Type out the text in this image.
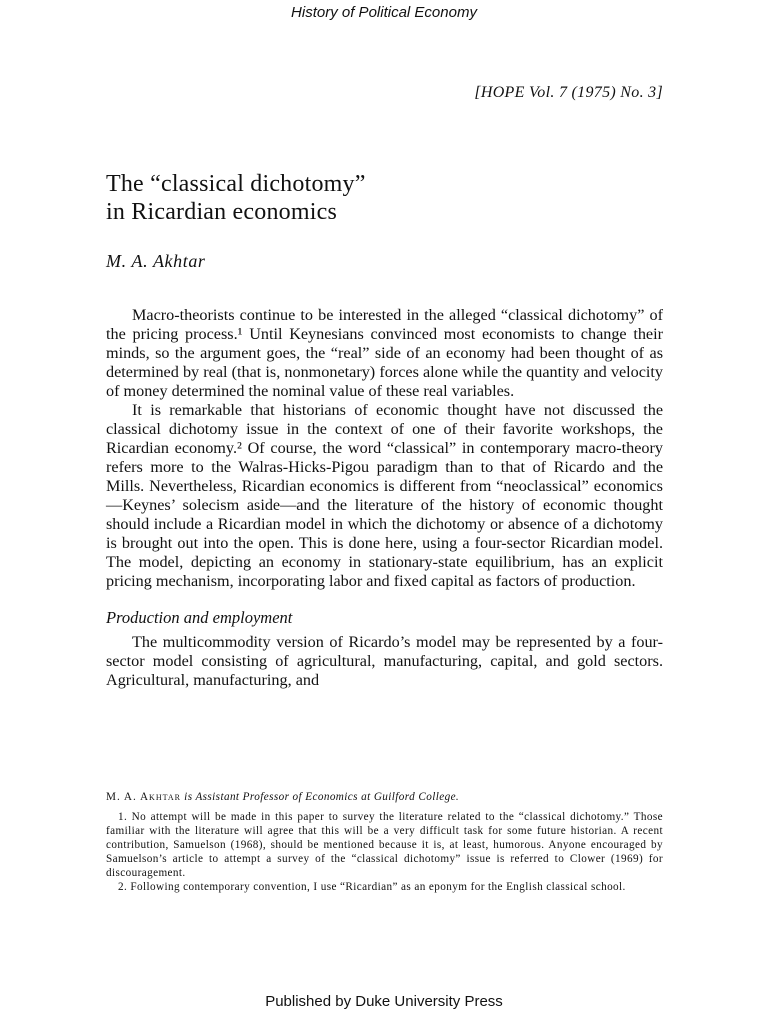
History of Political Economy
[HOPE Vol. 7 (1975) No. 3]
The “classical dichotomy”
in Ricardian economics
M. A. Akhtar

Macro-theorists continue to be interested in the alleged “classical dichotomy” of the pricing process.¹ Until Keynesians convinced most economists to change their minds, so the argument goes, the “real” side of an economy had been thought of as determined by real (that is, nonmonetary) forces alone while the quantity and velocity of money determined the nominal value of these real variables.

It is remarkable that historians of economic thought have not discussed the classical dichotomy issue in the context of one of their favorite workshops, the Ricardian economy.² Of course, the word “classical” in contemporary macro-theory refers more to the Walras-Hicks-Pigou paradigm than to that of Ricardo and the Mills. Nevertheless, Ricardian economics is different from “neoclassical” economics—Keynes’ solecism aside—and the literature of the history of economic thought should include a Ricardian model in which the dichotomy or absence of a dichotomy is brought out into the open. This is done here, using a four-sector Ricardian model. The model, depicting an economy in stationary-state equilibrium, has an explicit pricing mechanism, incorporating labor and fixed capital as factors of production.

Production and employment

The multicommodity version of Ricardo’s model may be represented by a four-sector model consisting of agricultural, manufacturing, capital, and gold sectors. Agricultural, manufacturing, and

M. A. Akhtar is Assistant Professor of Economics at Guilford College.

1. No attempt will be made in this paper to survey the literature related to the “classical dichotomy.” Those familiar with the literature will agree that this will be a very difficult task for some future historian. A recent contribution, Samuelson (1968), should be mentioned because it is, at least, humorous. Anyone encouraged by Samuelson’s article to attempt a survey of the “classical dichotomy” issue is referred to Clower (1969) for discouragement.

2. Following contemporary convention, I use “Ricardian” as an eponym for the English classical school.

Published by Duke University Press
